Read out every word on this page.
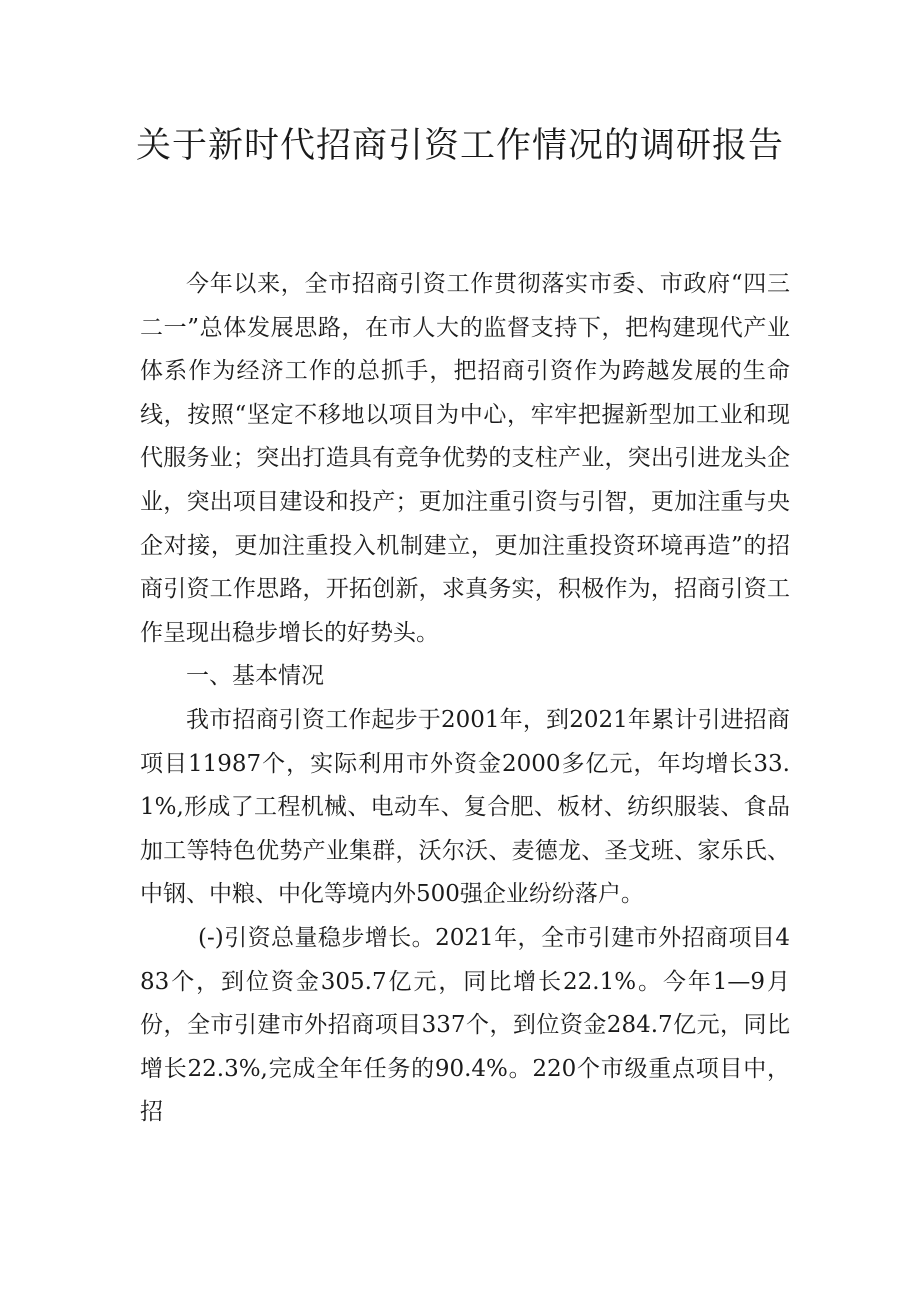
关于新时代招商引资工作情况的调研报告

今年以来，全市招商引资工作贯彻落实市委、市政府“四三二一”总体发展思路，在市人大的监督支持下，把构建现代产业体系作为经济工作的总抓手，把招商引资作为跨越发展的生命线，按照“坚定不移地以项目为中心，牢牢把握新型加工业和现代服务业；突出打造具有竞争优势的支柱产业，突出引进龙头企业，突出项目建设和投产；更加注重引资与引智，更加注重与央企对接，更加注重投入机制建立，更加注重投资环境再造”的招商引资工作思路，开拓创新，求真务实，积极作为，招商引资工作呈现出稳步增长的好势头。

一、基本情况

我市招商引资工作起步于2001年，到2021年累计引进招商项目11987个，实际利用市外资金2000多亿元，年均增长33.1%,形成了工程机械、电动车、复合肥、板材、纺织服装、食品加工等特色优势产业集群，沃尔沃、麦德龙、圣戈班、家乐氏、中钢、中粮、中化等境内外500强企业纷纷落户。

(-)引资总量稳步增长。2021年，全市引建市外招商项目483个，到位资金305.7亿元，同比增长22.1%。今年1—9月份，全市引建市外招商项目337个，到位资金284.7亿元，同比增长22.3%,完成全年任务的90.4%。220个市级重点项目中，招
